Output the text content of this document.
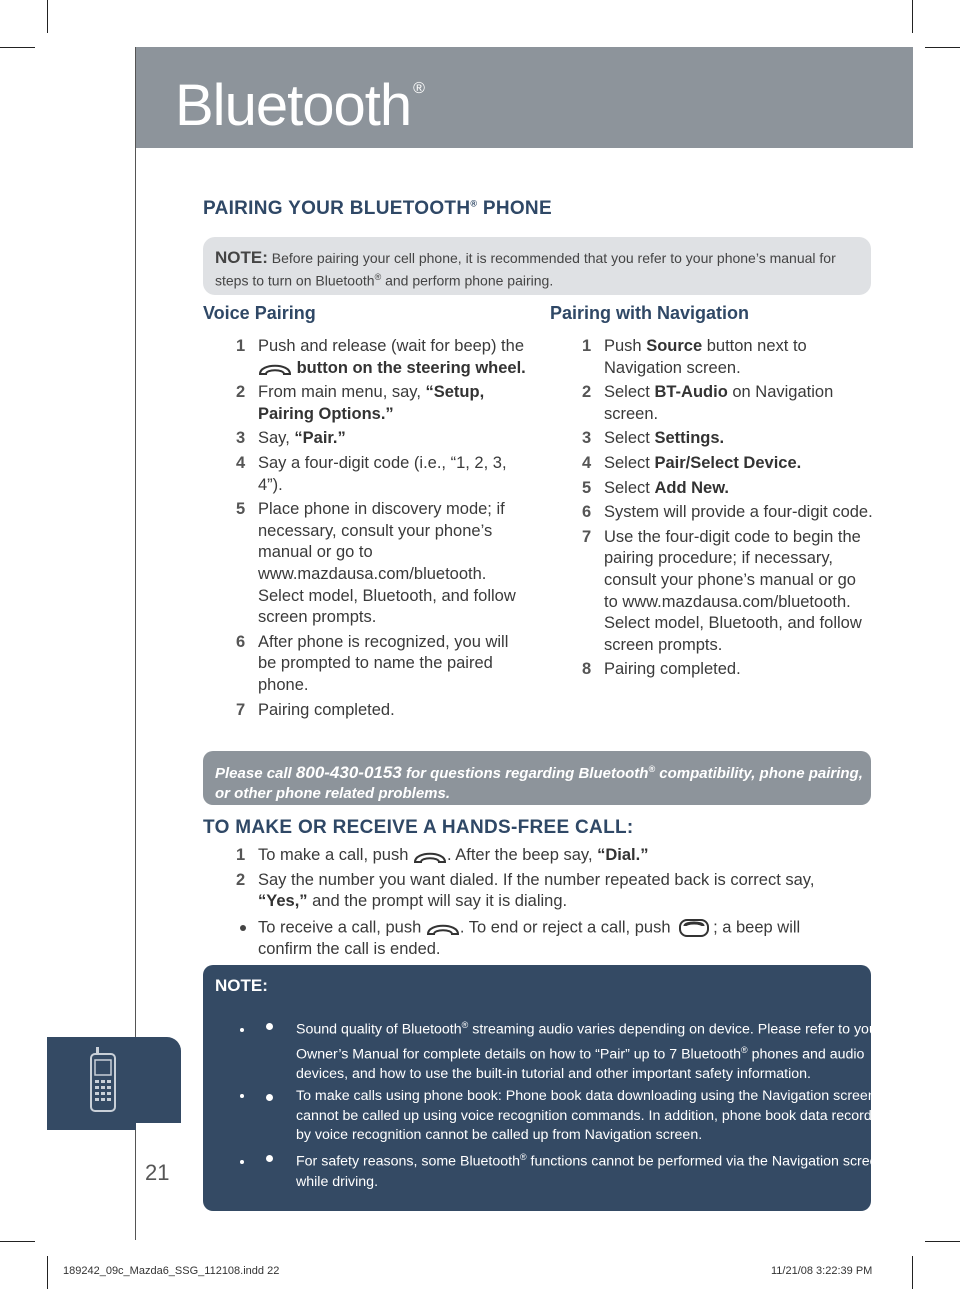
Bluetooth ®
PAIRING YOUR BLUETOOTH® PHONE
NOTE: Before pairing your cell phone, it is recommended that you refer to your phone’s manual for steps to turn on Bluetooth® and perform phone pairing.
Voice Pairing
1 Push and release (wait for beep) the  button on the steering wheel.
2 From main menu, say, “Setup, Pairing Options.”
3 Say, “Pair.”
4 Say a four-digit code (i.e., “1, 2, 3, 4”).
5 Place phone in discovery mode; if necessary, consult your phone’s manual or go to www.mazdausa.com/bluetooth. Select model, Bluetooth, and follow screen prompts.
6 After phone is recognized, you will be prompted to name the paired phone.
7 Pairing completed.
Pairing with Navigation
1 Push Source button next to Navigation screen.
2 Select BT-Audio on Navigation screen.
3 Select Settings.
4 Select Pair/Select Device.
5 Select Add New.
6 System will provide a four-digit code.
7 Use the four-digit code to begin the pairing procedure; if necessary, consult your phone’s manual or go to www.mazdausa.com/bluetooth. Select model, Bluetooth, and follow screen prompts.
8 Pairing completed.
Please call 800-430-0153 for questions regarding Bluetooth® compatibility, phone pairing, or other phone related problems.
TO MAKE OR RECEIVE A HANDS-FREE CALL:
1 To make a call, push . After the beep say, “Dial.”
2 Say the number you want dialed. If the number repeated back is correct say, “Yes,” and the prompt will say it is dialing.
To receive a call, push . To end or reject a call, push ; a beep will confirm the call is ended.
NOTE:
• Sound quality of Bluetooth® streaming audio varies depending on device. Please refer to your Owner’s Manual for complete details on how to “Pair” up to 7 Bluetooth® phones and audio devices, and how to use the built-in tutorial and other important safety information.
• To make calls using phone book: Phone book data downloading using the Navigation screen cannot be called up using voice recognition commands. In addition, phone book data recorded by voice recognition cannot be called up from Navigation screen.
• For safety reasons, some Bluetooth® functions cannot be performed via the Navigation screen while driving.
21
189242_09c_Mazda6_SSG_112108.indd 22	11/21/08 3:22:39 PM
